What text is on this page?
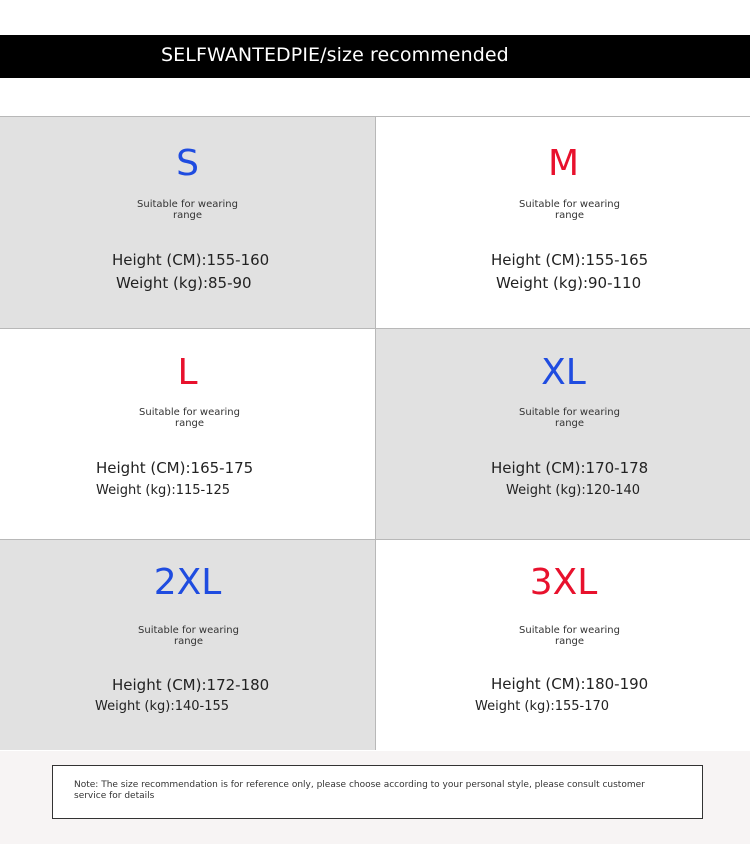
SELFWANTEDPIE/size recommended
S
Suitable for wearing range
Height (CM):155-160
Weight (kg):85-90
M
Suitable for wearing range
Height (CM):155-165
Weight (kg):90-110
L
Suitable for wearing range
Height (CM):165-175
Weight (kg):115-125
XL
Suitable for wearing range
Height (CM):170-178
Weight (kg):120-140
2XL
Suitable for wearing range
Height (CM):172-180
Weight (kg):140-155
3XL
Suitable for wearing range
Height (CM):180-190
Weight (kg):155-170
Note: The size recommendation is for reference only, please choose according to your personal style, please consult customer service for details
